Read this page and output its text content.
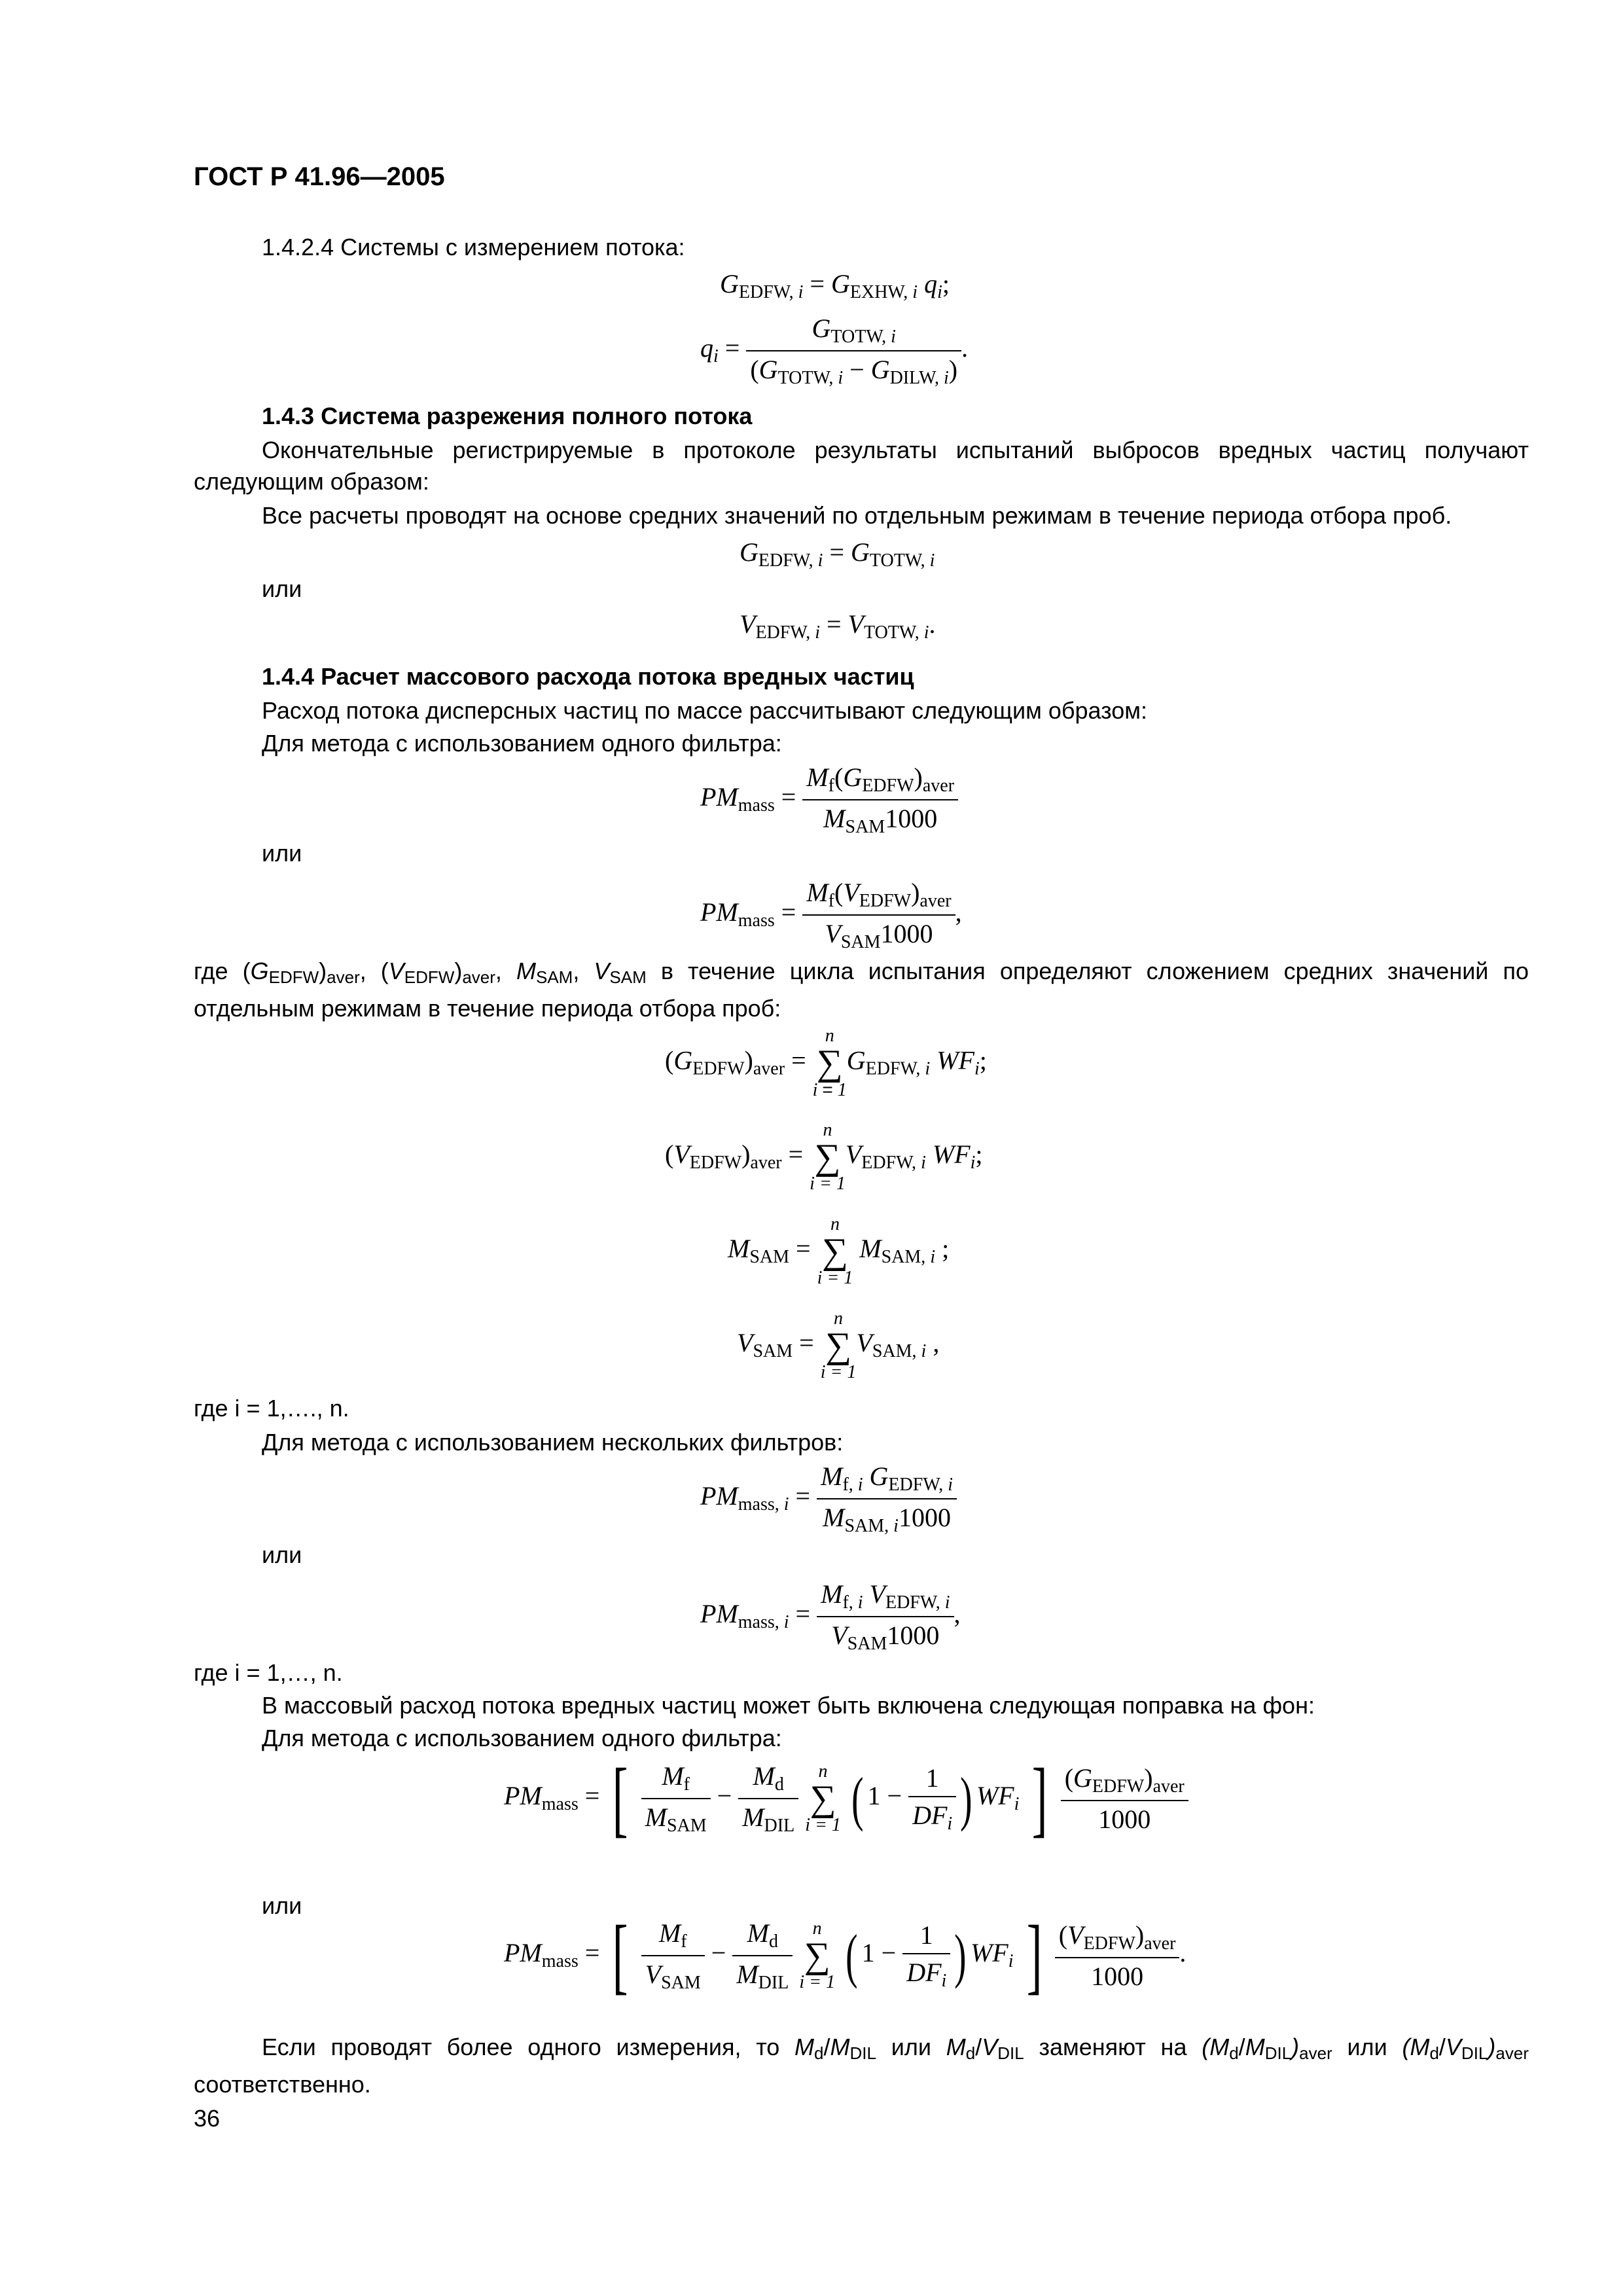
ГОСТ Р 41.96—2005
1.4.2.4 Системы с измерением потока:
$G_{EDFW, i} = G_{EXHW, i}$ $q_i$;
$q_i = \frac{G_{TOTW, i}}{(G_{TOTW, i} - G_{DILW, i})}$ .
1.4.3 Система разрежения полного потока
Окончательные регистрируемые в протоколе результаты испытаний выбросов вредных частиц получают следующим образом:
Все расчеты проводят на основе средних значений по отдельным режимам в течение периода отбора проб.
$G_{EDFW, i} = G_{TOTW, i}$
или
$V_{EDFW, i} = V_{TOTW, i}$.
1.4.4 Расчет массового расхода потока вредных частиц
Расход потока дисперсных частиц по массе рассчитывают следующим образом:
Для метода с использованием одного фильтра:
$PM_{mass} = \frac{M_f(G_{EDFW})_{aver}}{M_{SAM}1000}$
или
$PM_{mass} = \frac{M_f(V_{EDFW})_{aver}}{V_{SAM}1000}$ ,
где (GEDFW)aver, (VEDFW)aver, MSAM, VSAM в течение цикла испытания определяют сложением средних значений по отдельным режимам в течение периода отбора проб:
$(G_{EDFW})_{aver}$ =
n
∑
i = 1
$G_{EDFW, i}$ $WF_i$;
$(V_{EDFW})_{aver}$ =
n
∑
i = 1
$V_{EDFW, i}$ $WF_i$;
$M_{SAM}$ =
n
∑
i = 1
$M_{SAM, i}$ ;
$V_{SAM}$ =
n
∑
i = 1
$V_{SAM, i}$ ,
где i = 1,…., n.
Для метода с использованием нескольких фильтров:
$PM_{mass, i} = \frac{M_{f, i} G_{EDFW, i}}{M_{SAM, i}1000}$
или
$PM_{mass, i} = \frac{M_{f, i} V_{EDFW, i}}{V_{SAM}1000}$ ,
где i = 1,…, n.
В массовый расход потока вредных частиц может быть включена следующая поправка на фон:
Для метода с использованием одного фильтра:
$PM_{mass}$ = [ $\frac{M_f}{M_{SAM}} - \frac{M_d}{M_{DIL}}$
	n
∑
i = 1 ( $1 - \frac{1}{DF_i}$ ) $WF_i$ ] $\frac{(G_{EDFW})_{aver}}{1000}$
или
$PM_{mass}$ = [ $\frac{M_f}{V_{SAM}} - \frac{M_d}{M_{DIL}}$
	n
∑
i = 1 ( $1 - \frac{1}{DF_i}$ ) $WF_i$ ] $\frac{(V_{EDFW})_{aver}}{1000}$ .
Если проводят более одного измерения, то Md/MDIL или Md/VDIL заменяют на (Md/MDIL)aver или (Md/VDIL)aver соответственно.
36
